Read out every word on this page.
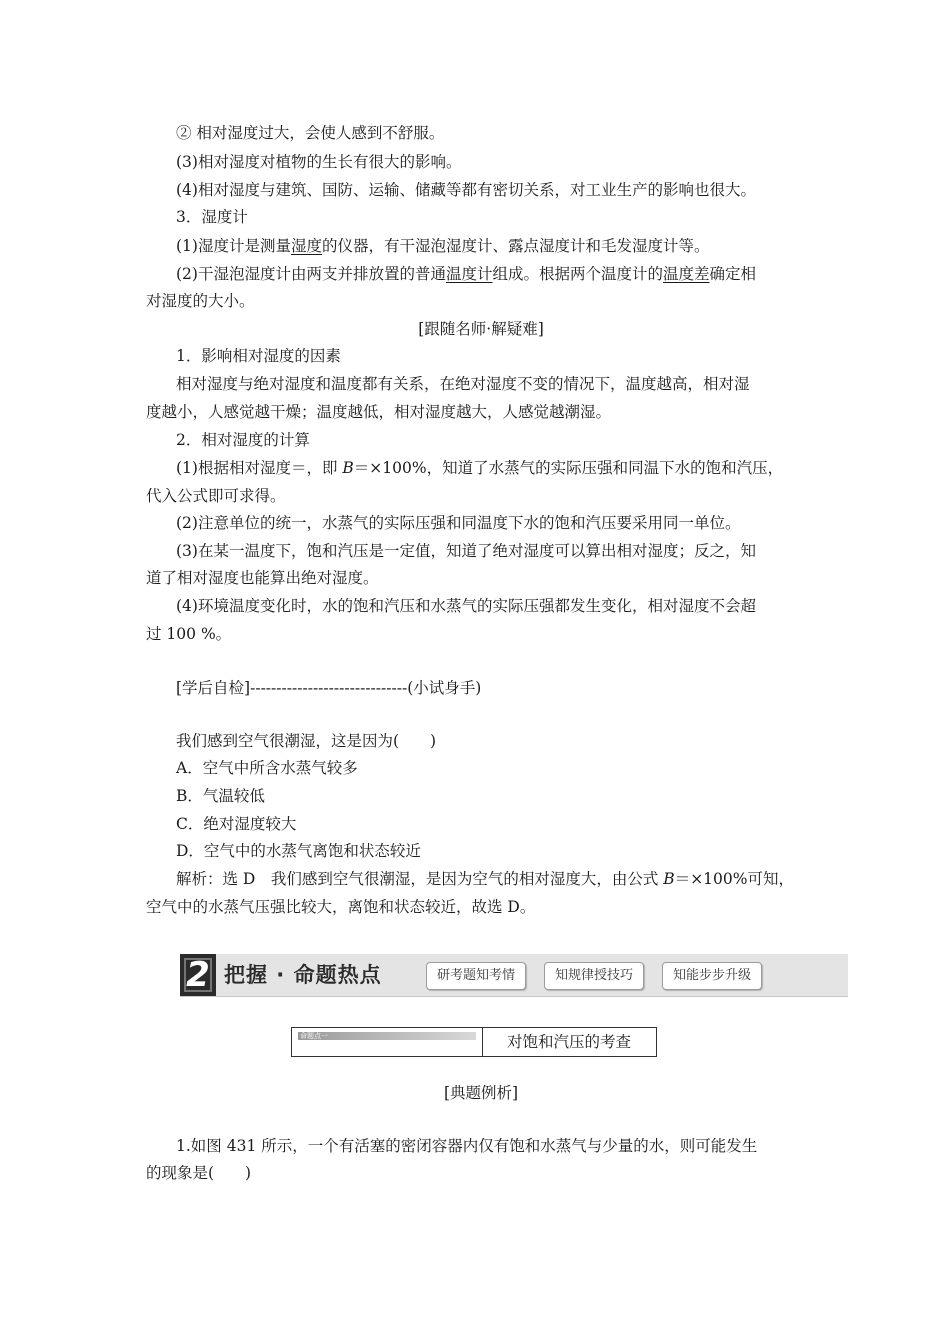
② 相对湿度过大，会使人感到不舒服。
(3)相对湿度对植物的生长有很大的影响。
(4)相对湿度与建筑、国防、运输、储藏等都有密切关系，对工业生产的影响也很大。
3．湿度计
(1)湿度计是测量湿度的仪器，有干湿泡湿度计、露点湿度计和毛发湿度计等。
(2)干湿泡湿度计由两支并排放置的普通温度计组成。根据两个温度计的温度差确定相
对湿度的大小。
[跟随名师·解疑难]
1．影响相对湿度的因素
相对湿度与绝对湿度和温度都有关系，在绝对湿度不变的情况下，温度越高，相对湿
度越小，人感觉越干燥；温度越低，相对湿度越大，人感觉越潮湿。
2．相对湿度的计算
(1)根据相对湿度＝，即 B＝×100%，知道了水蒸气的实际压强和同温下水的饱和汽压，
代入公式即可求得。
(2)注意单位的统一，水蒸气的实际压强和同温度下水的饱和汽压要采用同一单位。
(3)在某一温度下，饱和汽压是一定值，知道了绝对湿度可以算出相对湿度；反之，知
道了相对湿度也能算出绝对湿度。
(4)环境温度变化时，水的饱和汽压和水蒸气的实际压强都发生变化，相对湿度不会超
过 100 %。
[学后自检]------------------------------(小试身手)
我们感到空气很潮湿，这是因为(　　)
A．空气中所含水蒸气较多
B．气温较低
C．绝对湿度较大
D．空气中的水蒸气离饱和状态较近
解析：选 D　我们感到空气很潮湿，是因为空气的相对湿度大，由公式 B＝×100%可知，
空气中的水蒸气压强比较大，离饱和状态较近，故选 D。
2 把握 · 命题热点	研考题知考情	知规律授技巧	知能步步升级
命题点一	对饱和汽压的考查
[典题例析]
1.如图 431 所示，一个有活塞的密闭容器内仅有饱和水蒸气与少量的水，则可能发生
的现象是(　　)
